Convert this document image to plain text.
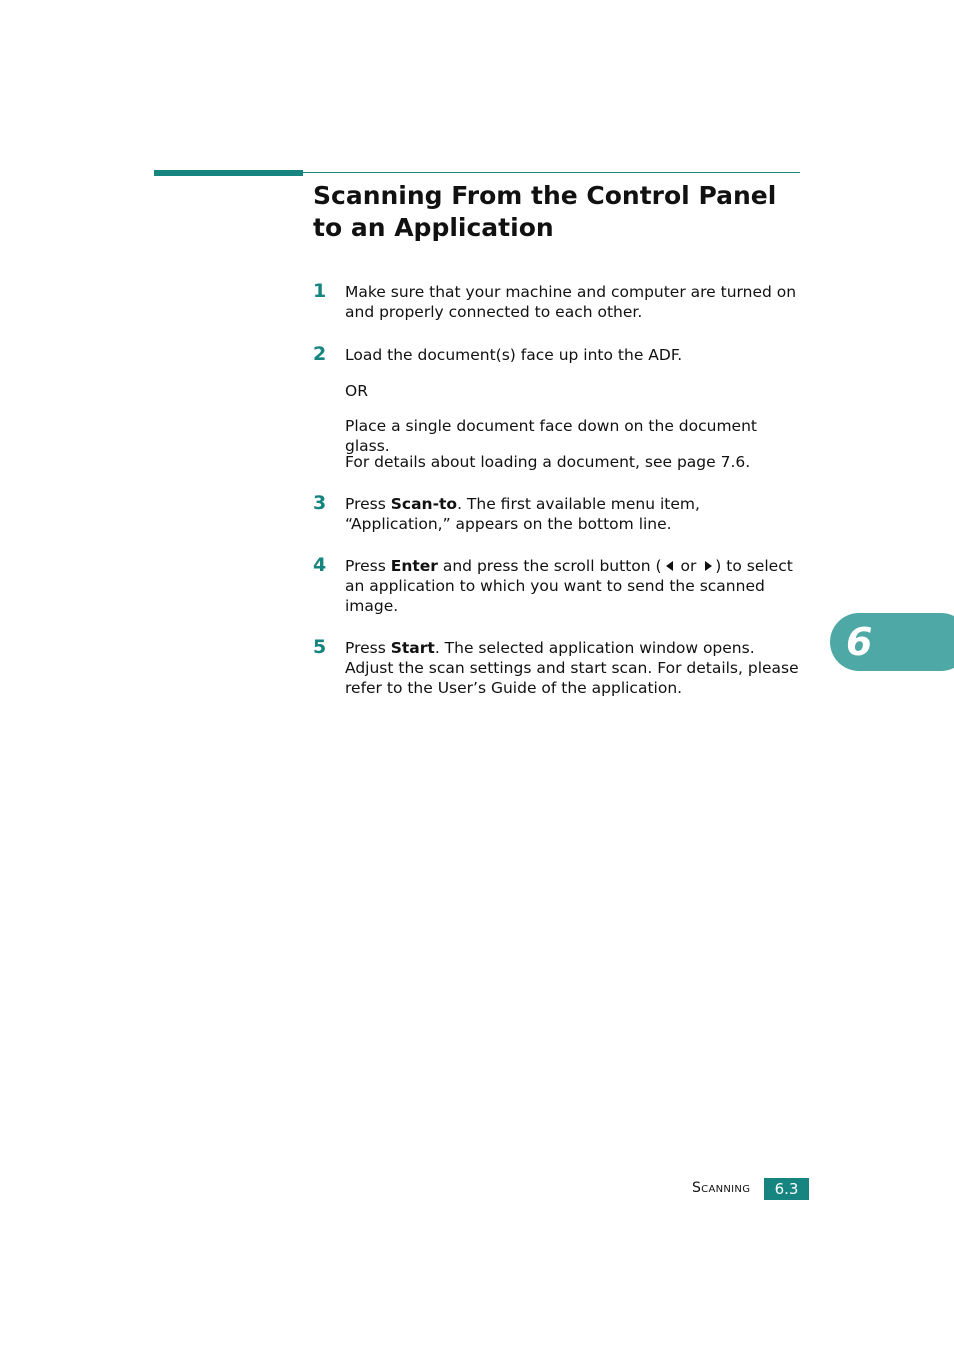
Scanning From the Control Panel to an Application
1 Make sure that your machine and computer are turned on and properly connected to each other.

2 Load the document(s) face up into the ADF.

OR

Place a single document face down on the document glass.

For details about loading a document, see page 7.6.

3 Press Scan-to. The first available menu item, “Application,” appears on the bottom line.

4 Press Enter and press the scroll button ( or ) to select an application to which you want to send the scanned image.

5 Press Start. The selected application window opens. Adjust the scan settings and start scan. For details, please refer to the User’s Guide of the application.

6
Scanning	6.3
